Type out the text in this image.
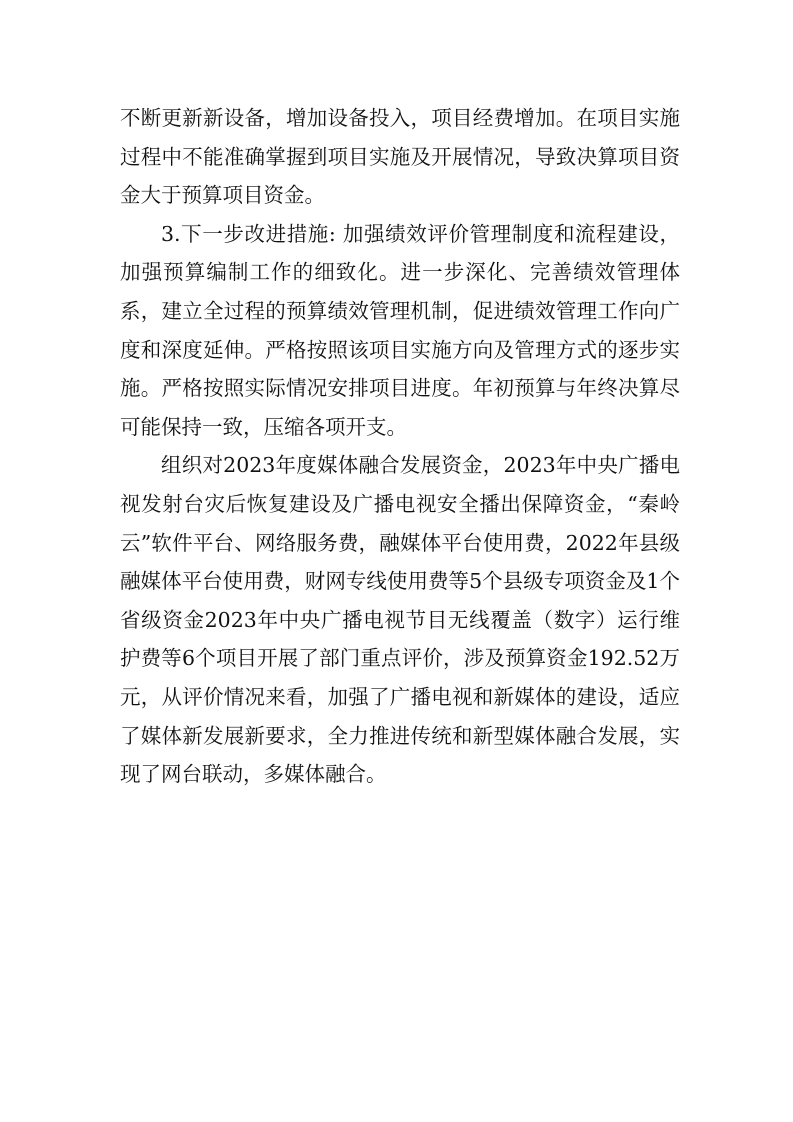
不断更新新设备，增加设备投入，项目经费增加。在项目实施过程中不能准确掌握到项目实施及开展情况，导致决算项目资金大于预算项目资金。

3.下一步改进措施: 加强绩效评价管理制度和流程建设，加强预算编制工作的细致化。进一步深化、完善绩效管理体系，建立全过程的预算绩效管理机制，促进绩效管理工作向广度和深度延伸。严格按照该项目实施方向及管理方式的逐步实施。严格按照实际情况安排项目进度。年初预算与年终决算尽可能保持一致，压缩各项开支。

组织对2023年度媒体融合发展资金，2023年中央广播电视发射台灾后恢复建设及广播电视安全播出保障资金，“秦岭云”软件平台、网络服务费，融媒体平台使用费，2022年县级融媒体平台使用费，财网专线使用费等5个县级专项资金及1个省级资金2023年中央广播电视节目无线覆盖（数字）运行维护费等6个项目开展了部门重点评价，涉及预算资金192.52万元，从评价情况来看，加强了广播电视和新媒体的建设，适应了媒体新发展新要求，全力推进传统和新型媒体融合发展，实现了网台联动，多媒体融合。
